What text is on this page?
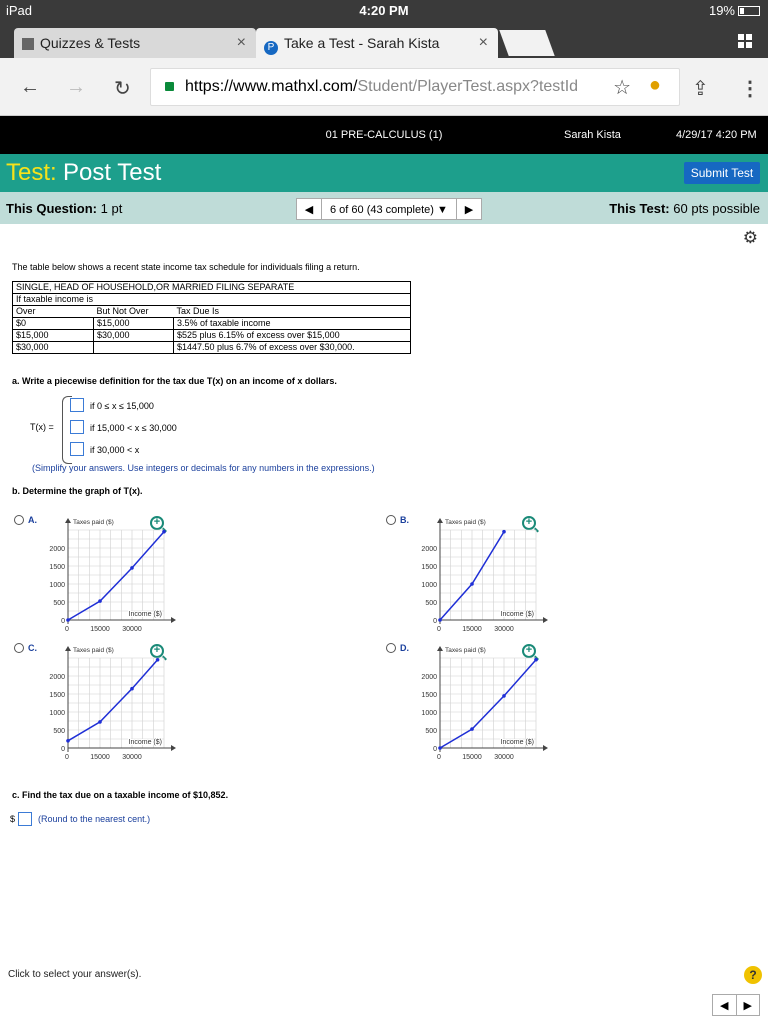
iPad	4:20 PM	19%
Quizzes & Tests	×	P Take a Test - Sarah Kista ×
← → ↻	https://www.mathxl.com/Student/PlayerTest.aspx?testId ☆ ● ⇪ ⋮
01 PRE-CALCULUS (1)	Sarah Kista	4/29/17 4:20 PM
Test: Post Test	Submit Test
This Question: 1 pt	◀	6 of 60 (43 complete) ▼	▶	This Test: 60 pts possible
⚙
The table below shows a recent state income tax schedule for individuals filing a return.
SINGLE, HEAD OF HOUSEHOLD,OR MARRIED FILING SEPARATE		
If taxable income is		
Over	But Not Over	Tax Due Is
$0	$15,000	3.5% of taxable income
$15,000	$30,000	$525 plus 6.15% of excess over $15,000
$30,000		$1447.50 plus 6.7% of excess over $30,000.
a. Write a piecewise definition for the tax due T(x) on an income of x dollars.
T(x) =
if 0 ≤ x ≤ 15,000
if 15,000 < x ≤ 30,000
if 30,000 < x
(Simplify your answers. Use integers or decimals for any numbers in the expressions.)
b. Determine the graph of T(x).
A.	+
0
500
1000
1500
2000
0	15000 30000
Taxes paid ($)
Income ($)
B.	+
0
500
1000
1500
2000
0	15000 30000
Taxes paid ($)
Income ($)
C.	+
0
500
1000
1500
2000
0	15000 30000
Taxes paid ($)
Income ($)
D.	+
0
500
1000
1500
2000
0	15000 30000
Taxes paid ($)
Income ($)
c. Find the tax due on a taxable income of $10,852.
$	(Round to the nearest cent.)
Click to select your answer(s).	?
◀	▶
